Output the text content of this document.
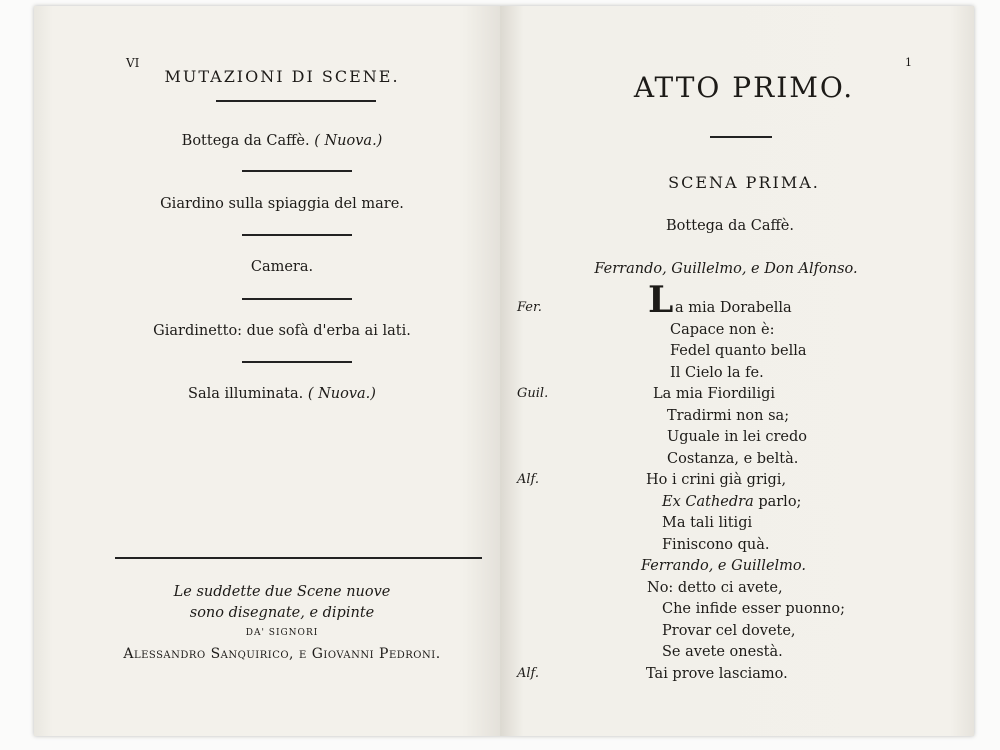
VI
MUTAZIONI DI SCENE.
Bottega da Caffè. ( Nuova.)
Giardino sulla spiaggia del mare.
Camera.
Giardinetto: due sofà d'erba ai lati.
Sala illuminata. ( Nuova.)
Le suddette due Scene nuove
sono disegnate, e dipinte
DA' SIGNORI
Alessandro Sanquirico, e Giovanni Pedroni.
1
ATTO PRIMO.
SCENA PRIMA.
Bottega da Caffè.
Ferrando, Guillelmo, e Don Alfonso.
Fer.	L a mia Dorabella
Capace non è:
Fedel quanto bella
Il Cielo la fe.
Guil.	La mia Fiordiligi
Tradirmi non sa;
Uguale in lei credo
Costanza, e beltà.
Alf.	Ho i crini già grigi,
Ex Cathedra parlo;
Ma tali litigi
Finiscono quà.
Ferrando, e Guillelmo.
No: detto ci avete,
Che infide esser puonno;
Provar cel dovete,
Se avete onestà.
Alf.	Tai prove lasciamo.
